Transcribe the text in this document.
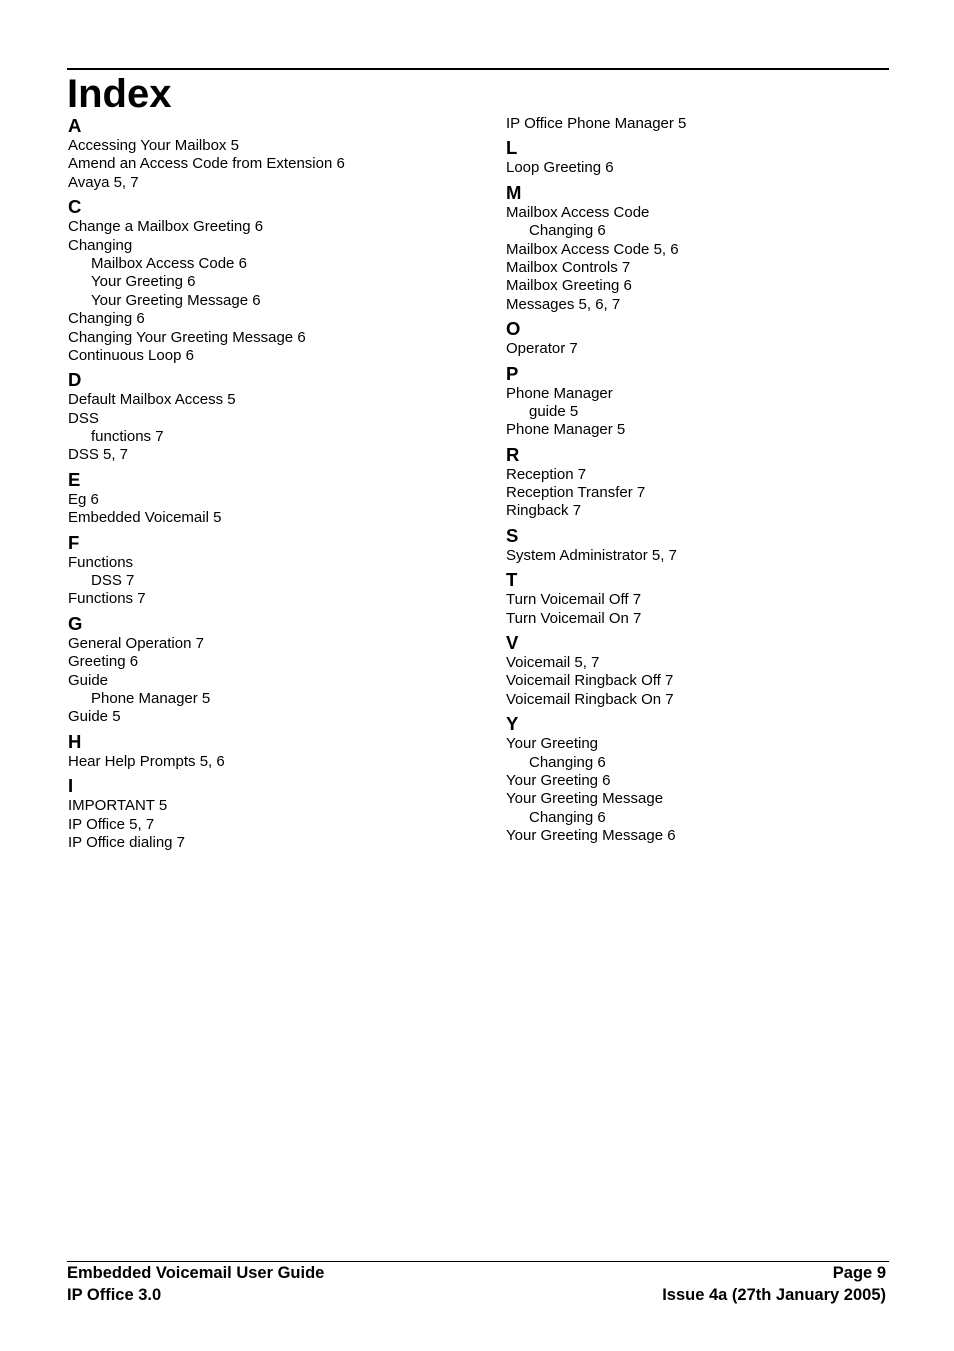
Index
A
Accessing Your Mailbox 5
Amend an Access Code from Extension 6
Avaya 5, 7
C
Change a Mailbox Greeting 6
Changing
Mailbox Access Code 6
Your Greeting 6
Your Greeting Message 6
Changing 6
Changing Your Greeting Message 6
Continuous Loop 6
D
Default Mailbox Access 5
DSS
functions 7
DSS 5, 7
E
Eg 6
Embedded Voicemail 5
F
Functions
DSS 7
Functions 7
G
General Operation 7
Greeting 6
Guide
Phone Manager 5
Guide 5
H
Hear Help Prompts 5, 6
I
IMPORTANT 5
IP Office 5, 7
IP Office dialing 7
IP Office Phone Manager 5
L
Loop Greeting 6
M
Mailbox Access Code
Changing 6
Mailbox Access Code 5, 6
Mailbox Controls 7
Mailbox Greeting 6
Messages 5, 6, 7
O
Operator 7
P
Phone Manager
guide 5
Phone Manager 5
R
Reception 7
Reception Transfer 7
Ringback 7
S
System Administrator 5, 7
T
Turn Voicemail Off 7
Turn Voicemail On 7
V
Voicemail 5, 7
Voicemail Ringback Off 7
Voicemail Ringback On 7
Y
Your Greeting
Changing 6
Your Greeting 6
Your Greeting Message
Changing 6
Your Greeting Message 6
Embedded Voicemail User Guide
IP Office 3.0
Page 9
Issue 4a (27th January 2005)
